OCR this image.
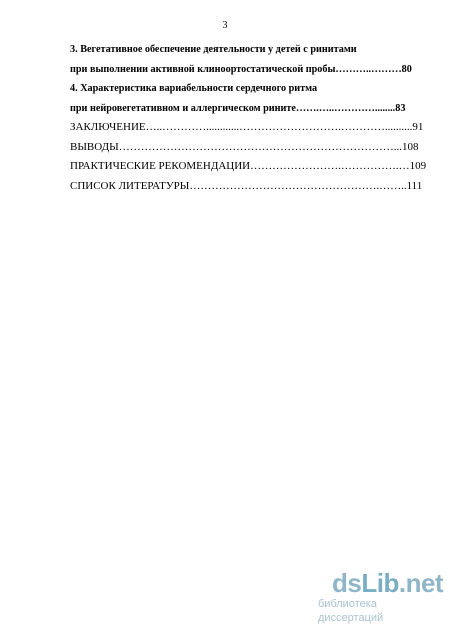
3
3. Вегетативное обеспечение деятельности у детей с ринитами
при выполнении активной клиноортостатической пробы………..………80
4. Характеристика вариабельности сердечного ритма
при нейровегетативном и аллергическом рините…….…..…………........83
ЗАКЛЮЧЕНИЕ…..…………............……………………….…………..........91
ВЫВОДЫ…………………………………………………………………...108
ПРАКТИЧЕСКИЕ РЕКОМЕНДАЦИИ…………………….…………….…109
СПИСОК ЛИТЕРАТУРЫ…………………………………………….……..111
dsLib.net
библиотека диссертаций
